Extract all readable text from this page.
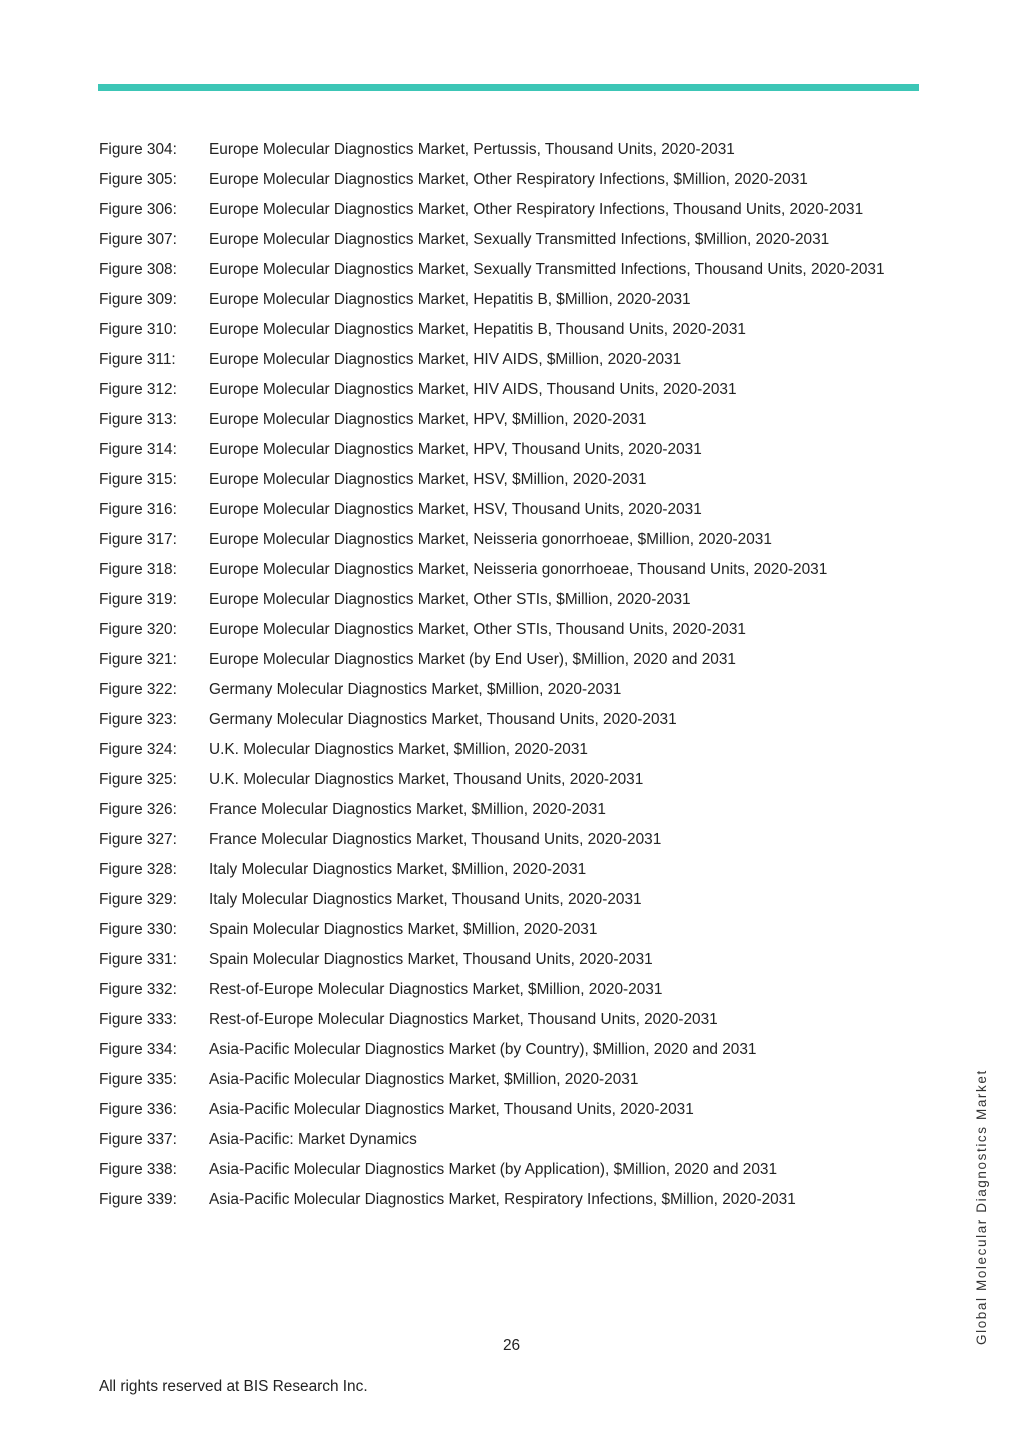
Figure 304:	Europe Molecular Diagnostics Market, Pertussis, Thousand Units, 2020-2031
Figure 305:	Europe Molecular Diagnostics Market, Other Respiratory Infections, $Million, 2020-2031
Figure 306:	Europe Molecular Diagnostics Market, Other Respiratory Infections, Thousand Units, 2020-2031
Figure 307:	Europe Molecular Diagnostics Market, Sexually Transmitted Infections, $Million, 2020-2031
Figure 308:	Europe Molecular Diagnostics Market, Sexually Transmitted Infections, Thousand Units, 2020-2031
Figure 309:	Europe Molecular Diagnostics Market, Hepatitis B, $Million, 2020-2031
Figure 310:	Europe Molecular Diagnostics Market, Hepatitis B, Thousand Units, 2020-2031
Figure 311:	Europe Molecular Diagnostics Market, HIV AIDS, $Million, 2020-2031
Figure 312:	Europe Molecular Diagnostics Market, HIV AIDS, Thousand Units, 2020-2031
Figure 313:	Europe Molecular Diagnostics Market, HPV, $Million, 2020-2031
Figure 314:	Europe Molecular Diagnostics Market, HPV, Thousand Units, 2020-2031
Figure 315:	Europe Molecular Diagnostics Market, HSV, $Million, 2020-2031
Figure 316:	Europe Molecular Diagnostics Market, HSV, Thousand Units, 2020-2031
Figure 317:	Europe Molecular Diagnostics Market, Neisseria gonorrhoeae, $Million, 2020-2031
Figure 318:	Europe Molecular Diagnostics Market, Neisseria gonorrhoeae, Thousand Units, 2020-2031
Figure 319:	Europe Molecular Diagnostics Market, Other STIs, $Million, 2020-2031
Figure 320:	Europe Molecular Diagnostics Market, Other STIs, Thousand Units, 2020-2031
Figure 321:	Europe Molecular Diagnostics Market (by End User), $Million, 2020 and 2031
Figure 322:	Germany Molecular Diagnostics Market, $Million, 2020-2031
Figure 323:	Germany Molecular Diagnostics Market, Thousand Units, 2020-2031
Figure 324:	U.K. Molecular Diagnostics Market, $Million, 2020-2031
Figure 325:	U.K. Molecular Diagnostics Market, Thousand Units, 2020-2031
Figure 326:	France Molecular Diagnostics Market, $Million, 2020-2031
Figure 327:	France Molecular Diagnostics Market, Thousand Units, 2020-2031
Figure 328:	Italy Molecular Diagnostics Market, $Million, 2020-2031
Figure 329:	Italy Molecular Diagnostics Market, Thousand Units, 2020-2031
Figure 330:	Spain Molecular Diagnostics Market, $Million, 2020-2031
Figure 331:	Spain Molecular Diagnostics Market, Thousand Units, 2020-2031
Figure 332:	Rest-of-Europe Molecular Diagnostics Market, $Million, 2020-2031
Figure 333:	Rest-of-Europe Molecular Diagnostics Market, Thousand Units, 2020-2031
Figure 334:	Asia-Pacific Molecular Diagnostics Market (by Country), $Million, 2020 and 2031
Figure 335:	Asia-Pacific Molecular Diagnostics Market, $Million, 2020-2031
Figure 336:	Asia-Pacific Molecular Diagnostics Market, Thousand Units, 2020-2031
Figure 337:	Asia-Pacific: Market Dynamics
Figure 338:	Asia-Pacific Molecular Diagnostics Market (by Application), $Million, 2020 and 2031
Figure 339:	Asia-Pacific Molecular Diagnostics Market, Respiratory Infections, $Million, 2020-2031
26
All rights reserved at BIS Research Inc.
Global Molecular Diagnostics Market
